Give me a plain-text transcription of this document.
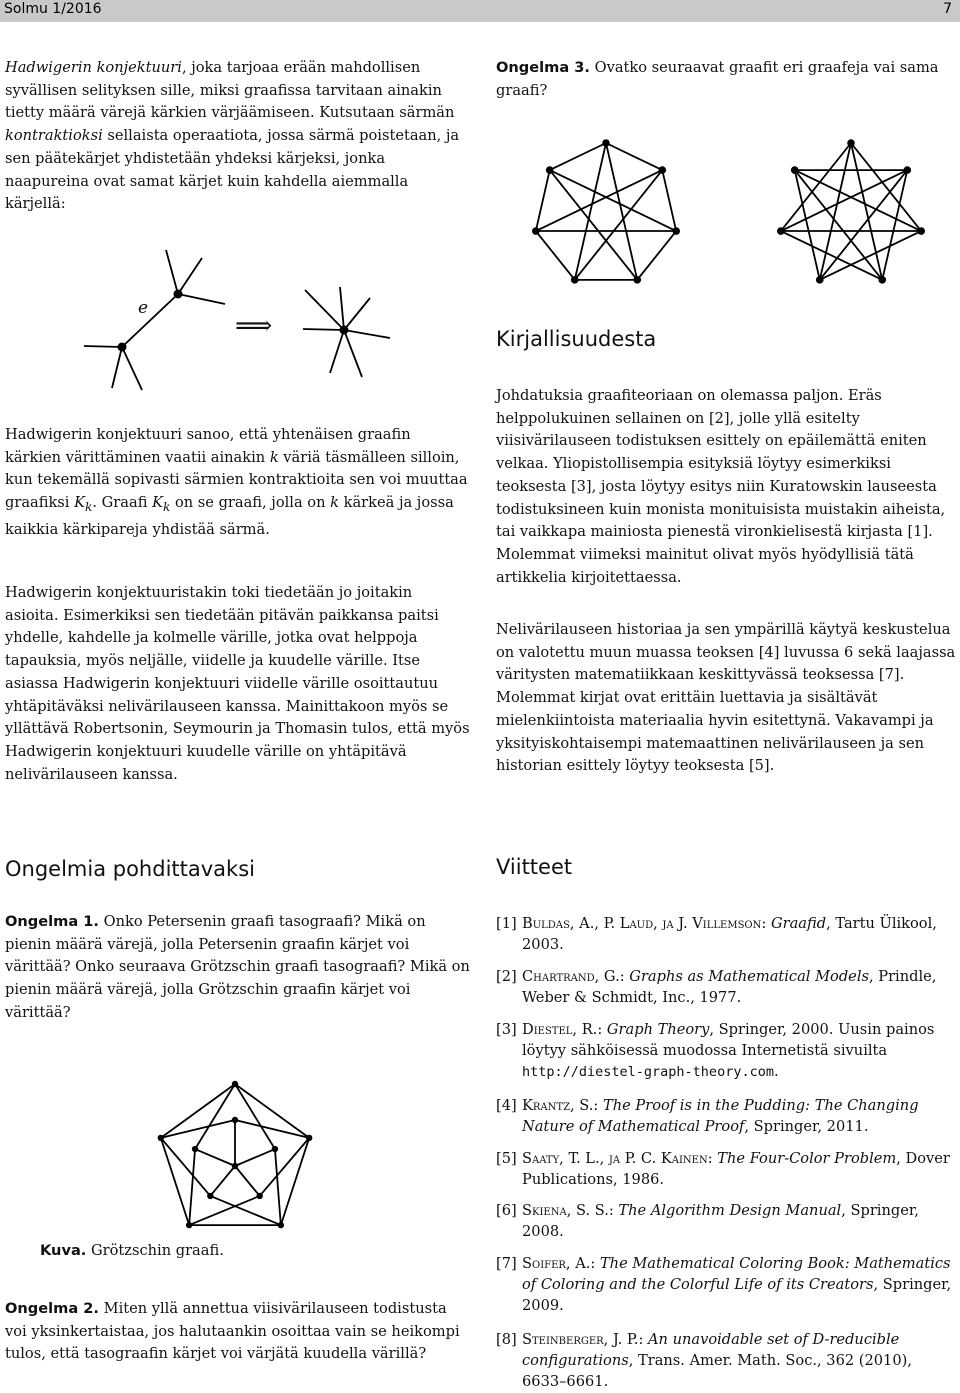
Solmu 1/2016	7

Hadwigerin konjektuuri, joka tarjoaa erään mahdollisen syvällisen selityksen sille, miksi graafissa tarvitaan ainakin tietty määrä värejä kärkien värjäämiseen. Kutsutaan särmän kontraktioksi sellaista operaatiota, jossa särmä poistetaan, ja sen päätekärjet yhdistetään yhdeksi kärjeksi, jonka naapureina ovat samat kärjet kuin kahdella aiemmalla kärjellä:

e
⟹

Hadwigerin konjektuuri sanoo, että yhtenäisen graafin kärkien värittäminen vaatii ainakin k väriä täsmälleen silloin, kun tekemällä sopivasti särmien kontraktioita sen voi muuttaa graafiksi $K_k$. Graafi $K_k$ on se graafi, jolla on k kärkeä ja jossa kaikkia kärkipareja yhdistää särmä.

Hadwigerin konjektuuristakin toki tiedetään jo joitakin asioita. Esimerkiksi sen tiedetään pitävän paikkansa paitsi yhdelle, kahdelle ja kolmelle värille, jotka ovat helppoja tapauksia, myös neljälle, viidelle ja kuudelle värille. Itse asiassa Hadwigerin konjektuuri viidelle värille osoittautuu yhtäpitäväksi nelivärilauseen kanssa. Mainittakoon myös se yllättävä Robertsonin, Seymourin ja Thomasin tulos, että myös Hadwigerin konjektuuri kuudelle värille on yhtäpitävä nelivärilauseen kanssa.

Ongelmia pohdittavaksi

Ongelma 1. Onko Petersenin graafi tasograafi? Mikä on pienin määrä värejä, jolla Petersenin graafin kärjet voi värittää? Onko seuraava Grötzschin graafi tasograafi? Mikä on pienin määrä värejä, jolla Grötzschin graafin kärjet voi värittää?

Kuva. Grötzschin graafi.

Ongelma 2. Miten yllä annettua viisivärilauseen todistusta voi yksinkertaistaa, jos halutaankin osoittaa vain se heikompi tulos, että tasograafin kärjet voi värjätä kuudella värillä?

Ongelma 3. Ovatko seuraavat graafit eri graafeja vai sama graafi?

Kirjallisuudesta

Johdatuksia graafiteoriaan on olemassa paljon. Eräs helppolukuinen sellainen on [2], jolle yllä esitelty viisivärilauseen todistuksen esittely on epäilemättä eniten velkaa. Yliopistollisempia esityksiä löytyy esimerkiksi teoksesta [3], josta löytyy esitys niin Kuratowskin lauseesta todistuksineen kuin monista monituisista muistakin aiheista, tai vaikkapa mainiosta pienestä vironkielisestä kirjasta [1]. Molemmat viimeksi mainitut olivat myös hyödyllisiä tätä artikkelia kirjoitettaessa.

Nelivärilauseen historiaa ja sen ympärillä käytyä keskustelua on valotettu muun muassa teoksen [4] luvussa 6 sekä laajassa väritysten matematiikkaan keskittyvässä teoksessa [7]. Molemmat kirjat ovat erittäin luettavia ja sisältävät mielenkiintoista materiaalia hyvin esitettynä. Vakavampi ja yksityiskohtaisempi matemaattinen nelivärilauseen ja sen historian esittely löytyy teoksesta [5].

Viitteet
[1] Buldas, A., P. Laud, ja J. Villemson: Graafid, Tartu Ülikool, 2003.
[2] Chartrand, G.: Graphs as Mathematical Models, Prindle, Weber & Schmidt, Inc., 1977.
[3] Diestel, R.: Graph Theory, Springer, 2000. Uusin painos löytyy sähköisessä muodossa Internetistä sivuilta http://diestel-graph-theory.com.
[4] Krantz, S.: The Proof is in the Pudding: The Changing Nature of Mathematical Proof, Springer, 2011.
[5] Saaty, T. L., ja P. C. Kainen: The Four-Color Problem, Dover Publications, 1986.
[6] Skiena, S. S.: The Algorithm Design Manual, Springer, 2008.
[7] Soifer, A.: The Mathematical Coloring Book: Mathematics of Coloring and the Colorful Life of its Creators, Springer, 2009.
[8] Steinberger, J. P.: An unavoidable set of D-reducible configurations, Trans. Amer. Math. Soc., 362 (2010), 6633–6661.
